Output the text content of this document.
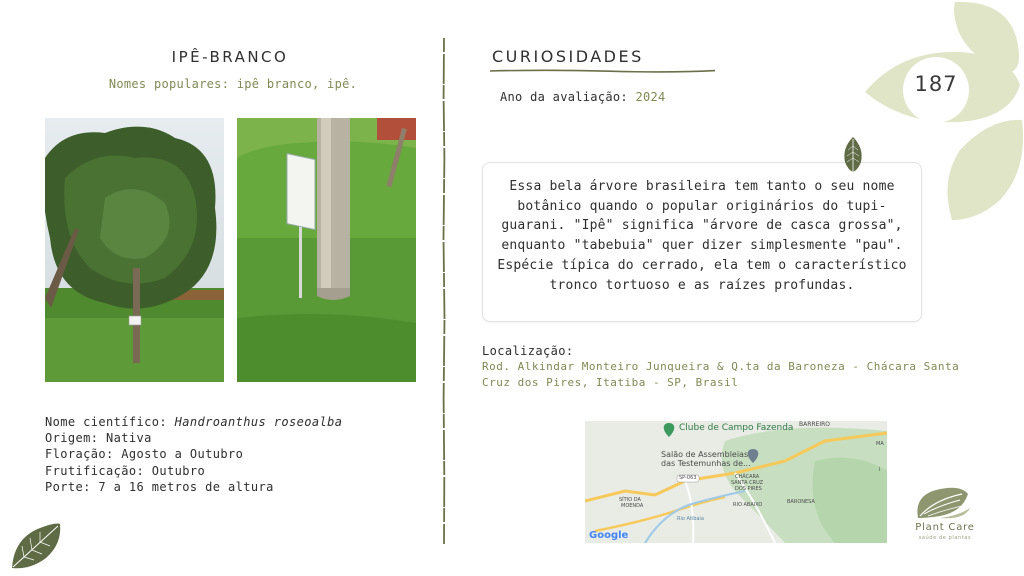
IPÊ-BRANCO
Nomes populares: ipê branco, ipê.
Nome científico: Handroanthus roseoalba
Origem: Nativa
Floração: Agosto a Outubro
Frutificação: Outubro
Porte: 7 a 16 metros de altura
CURIOSIDADES
Ano da avaliação: 2024
Essa bela árvore brasileira tem tanto o seu nome botânico quando o popular originários do tupi-guarani. "Ipê" significa "árvore de casca grossa", enquanto "tabebuia" quer dizer simplesmente "pau". Espécie típica do cerrado, ela tem o característico tronco tortuoso e as raízes profundas.
Localização:
Rod. Alkindar Monteiro Junqueira & Q.ta da Baroneza - Chácara Santa Cruz dos Pires, Itatiba - SP, Brasil
Clube de Campo Fazenda
Salão de Assembleias
das Testemunhas de...
BARREIRO
SP-063	CHÁCARA
SANTA CRUZ
DOS PIRES
SÍTIO DA
MOENDA	RIO ABAIXO	BARONESA
Rio Atibaia
MA
I
Google
187
Plant Care
saúde de plantas
